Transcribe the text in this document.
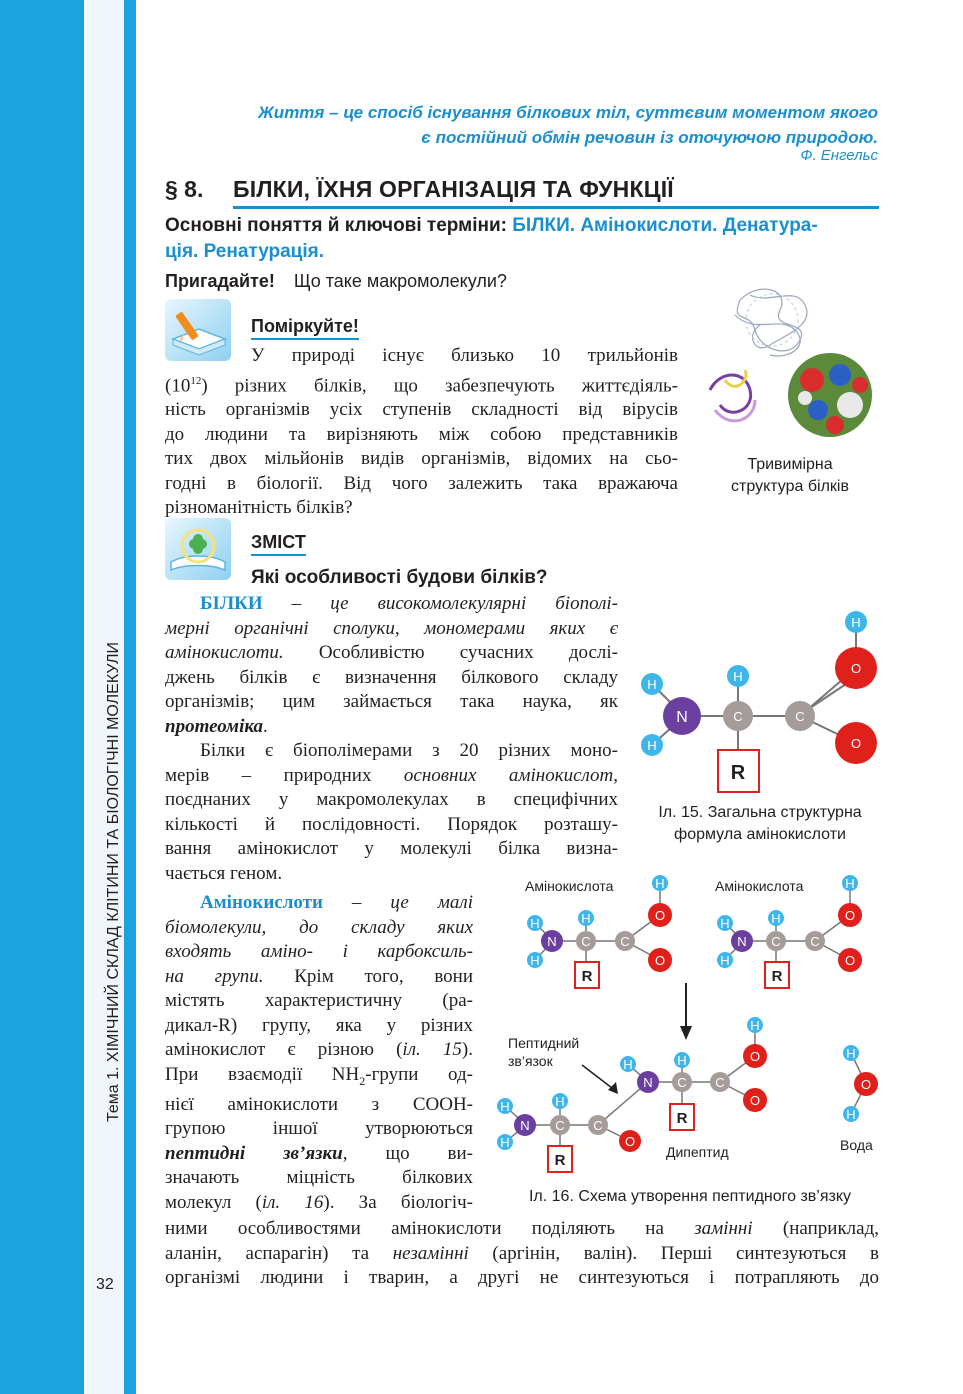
Тема 1. ХІМІЧНИЙ СКЛАД КЛІТИНИ ТА БІОЛОГІЧНІ МОЛЕКУЛИ
32
Життя – це спосіб існування білкових тіл, суттєвим моментом якого
є постійний обмін речовин із оточуючою природою.
Ф. Енгельс
§ 8. БІЛКИ, ЇХНЯ ОРГАНІЗАЦІЯ ТА ФУНКЦІЇ
Основні поняття й ключові терміни: БІЛКИ. Амінокислоти. Денатура-
ція. Ренатурація.
Пригадайте! Що таке макромолекули?
Поміркуйте!
У природі існує близько 10 трильйонів
$(10^{12})$ різних білків, що забезпечують життєдіяль-
ність організмів усіх ступенів складності від вірусів
до людини та вирізняють між собою представників
тих двох мільйонів видів організмів, відомих на сьо-
годні в біології. Від чого залежить така вражаюча
різноманітність білків?
Тривимірна
структура білків
ЗМІСТ
Які особливості будови білків?
БІЛКИ – це високомолекулярні біополі-
мерні органічні сполуки, мономерами яких є
амінокислоти. Особливістю сучасних дослі-
джень білків є визначення білкового складу
організмів; цим займається така наука, як
протеоміка.
Білки є біополімерами з 20 різних моно-
мерів – природних основних амінокислот,
поєднаних у макромолекулах в специфічних
кількості й послідовності. Порядок розташу-
вання амінокислот у молекулі білка визна-
чається геном.
Амінокислоти – це малі
біомолекули, до складу яких
входять аміно- і карбоксиль-
на групи. Крім того, вони
містять характеристичну (ра-
дикал-R) групу, яка у різних
амінокислот є різною (іл. 15).
При взаємодії $NH_2$-групи од-
нієї амінокислоти з COOH-
групою іншої утворюються
пептидні зв’язки, що ви-
значають міцність білкових
молекул (іл. 16). За біологіч-
ними особливостями амінокислоти поділяють на замінні (наприклад,
аланін, аспарагін) та незамінні (аргінін, валін). Перші синтезуються в
організмі людини і тварин, а другі не синтезуються і потрапляють до
H
H
N
H
C	C
H
O
O
R
Іл. 15. Загальна структурна
формула амінокислоти
Амінокислота	Амінокислота
H
H
N
H
C C
H
O
O
R
H
H
N
H
C C
H
O
O
R
Пептидний
зв’язок
H
H
N
H
C C
O
R
H
N
H
C C
H
O
O
R
Дипептид
H
O
H
Вода
Іл. 16. Схема утворення пептидного зв’язку
